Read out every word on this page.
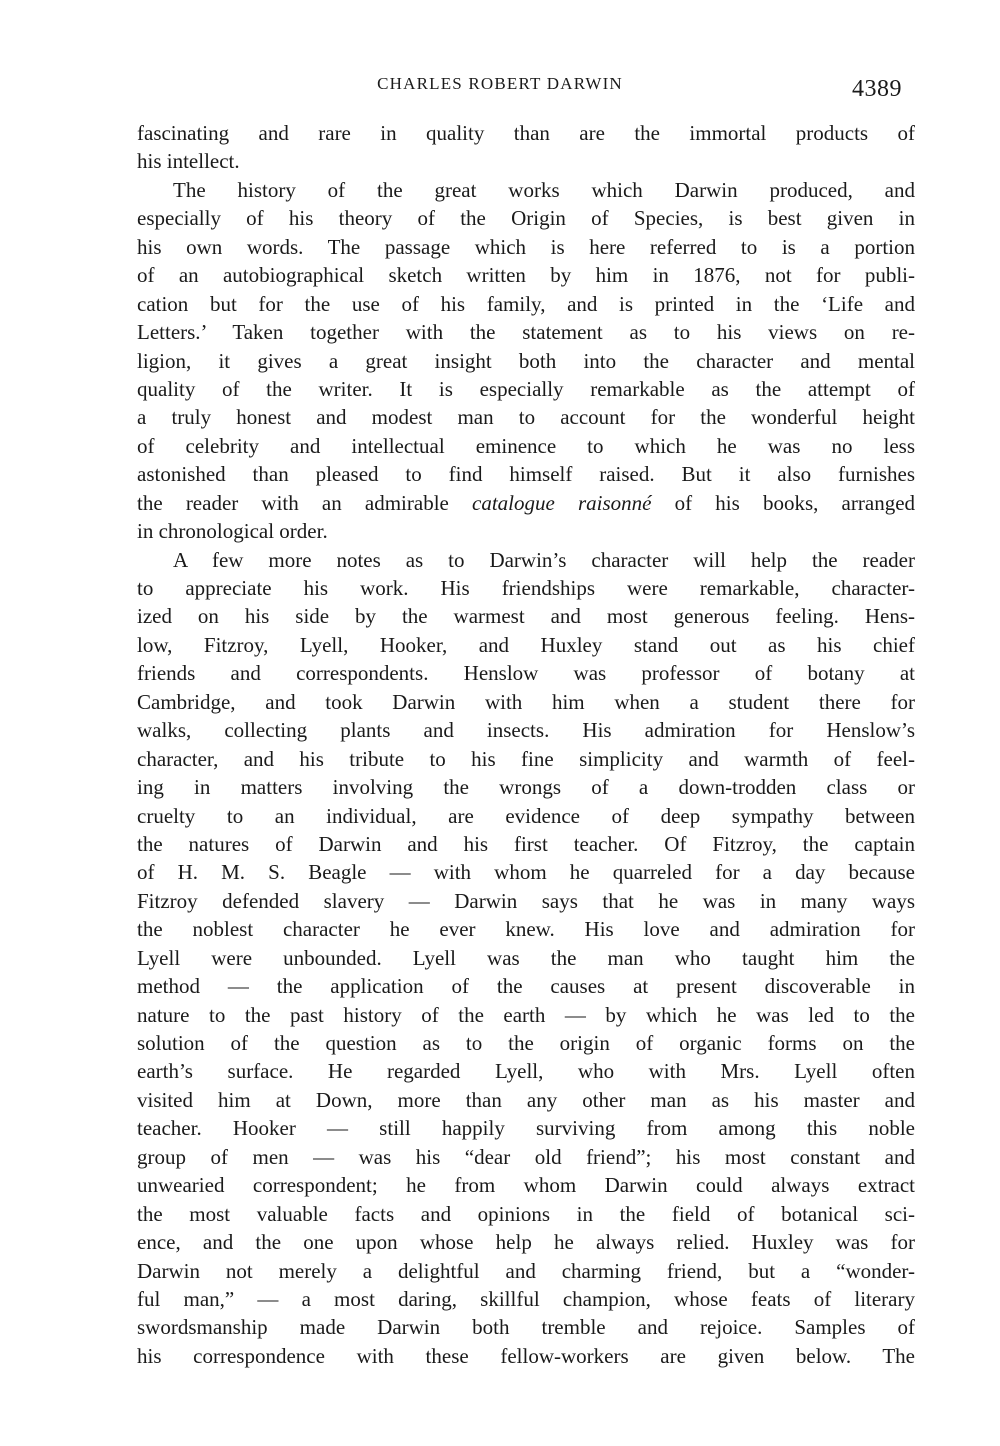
CHARLES ROBERT DARWIN	4389
fascinating and rare in quality than are the immortal products of
his intellect.
The history of the great works which Darwin produced, and
especially of his theory of the Origin of Species, is best given in
his own words. The passage which is here referred to is a portion
of an autobiographical sketch written by him in 1876, not for publi-
cation but for the use of his family, and is printed in the ‘Life and
Letters.’ Taken together with the statement as to his views on re-
ligion, it gives a great insight both into the character and mental
quality of the writer. It is especially remarkable as the attempt of
a truly honest and modest man to account for the wonderful height
of celebrity and intellectual eminence to which he was no less
astonished than pleased to find himself raised. But it also furnishes
the reader with an admirable catalogue raisonné of his books, arranged
in chronological order.
A few more notes as to Darwin’s character will help the reader
to appreciate his work. His friendships were remarkable, character-
ized on his side by the warmest and most generous feeling. Hens-
low, Fitzroy, Lyell, Hooker, and Huxley stand out as his chief
friends and correspondents. Henslow was professor of botany at
Cambridge, and took Darwin with him when a student there for
walks, collecting plants and insects. His admiration for Henslow’s
character, and his tribute to his fine simplicity and warmth of feel-
ing in matters involving the wrongs of a down-trodden class or
cruelty to an individual, are evidence of deep sympathy between
the natures of Darwin and his first teacher. Of Fitzroy, the captain
of H. M. S. Beagle — with whom he quarreled for a day because
Fitzroy defended slavery — Darwin says that he was in many ways
the noblest character he ever knew. His love and admiration for
Lyell were unbounded. Lyell was the man who taught him the
method — the application of the causes at present discoverable in
nature to the past history of the earth — by which he was led to the
solution of the question as to the origin of organic forms on the
earth’s surface. He regarded Lyell, who with Mrs. Lyell often
visited him at Down, more than any other man as his master and
teacher. Hooker — still happily surviving from among this noble
group of men — was his “dear old friend”; his most constant and
unwearied correspondent; he from whom Darwin could always extract
the most valuable facts and opinions in the field of botanical sci-
ence, and the one upon whose help he always relied. Huxley was for
Darwin not merely a delightful and charming friend, but a “wonder-
ful man,” — a most daring, skillful champion, whose feats of literary
swordsmanship made Darwin both tremble and rejoice. Samples of
his correspondence with these fellow-workers are given below. The
